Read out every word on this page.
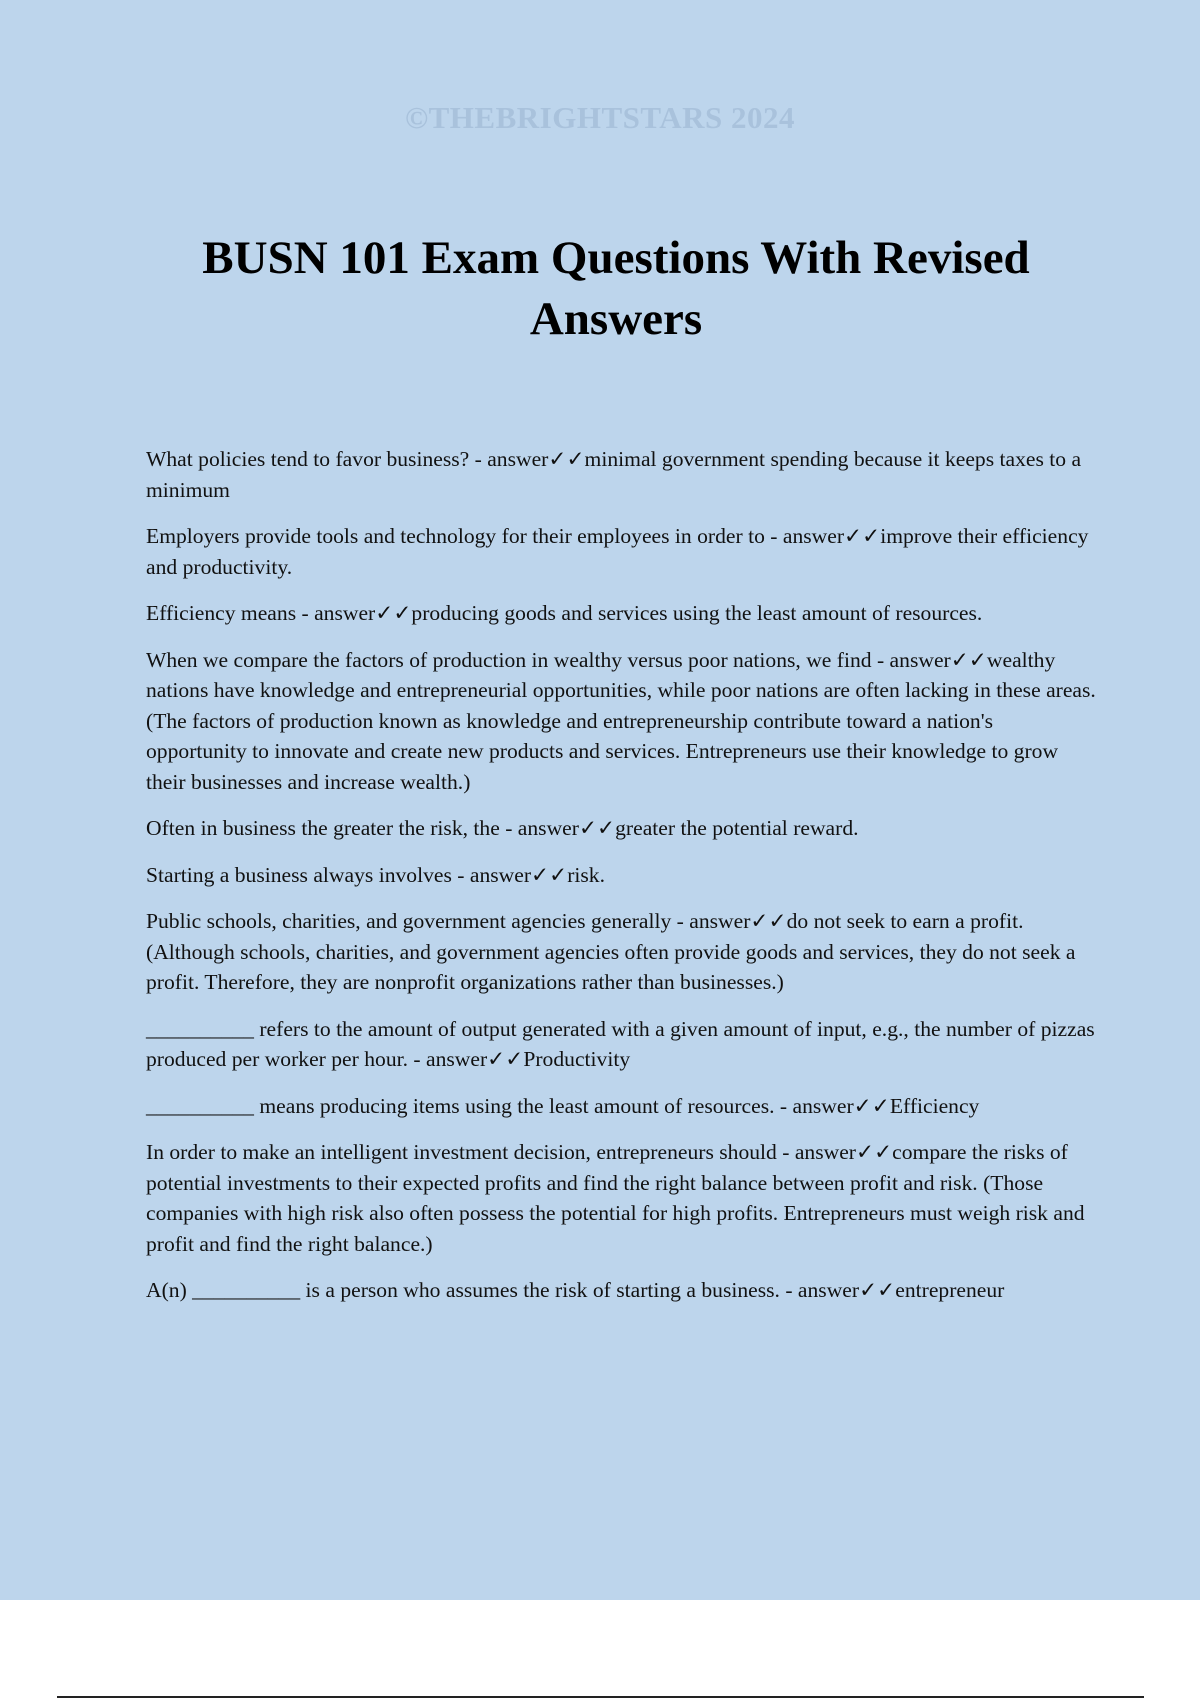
©THEBRIGHTSTARS 2024
BUSN 101 Exam Questions With Revised Answers

What policies tend to favor business? - answer✓✓minimal government spending because it keeps taxes to a minimum

Employers provide tools and technology for their employees in order to - answer✓✓improve their efficiency and productivity.

Efficiency means - answer✓✓producing goods and services using the least amount of resources.

When we compare the factors of production in wealthy versus poor nations, we find - answer✓✓wealthy nations have knowledge and entrepreneurial opportunities, while poor nations are often lacking in these areas. (The factors of production known as knowledge and entrepreneurship contribute toward a nation's opportunity to innovate and create new products and services. Entrepreneurs use their knowledge to grow their businesses and increase wealth.)

Often in business the greater the risk, the - answer✓✓greater the potential reward.

Starting a business always involves - answer✓✓risk.

Public schools, charities, and government agencies generally - answer✓✓do not seek to earn a profit. (Although schools, charities, and government agencies often provide goods and services, they do not seek a profit. Therefore, they are nonprofit organizations rather than businesses.)

__________ refers to the amount of output generated with a given amount of input, e.g., the number of pizzas produced per worker per hour. - answer✓✓Productivity

__________ means producing items using the least amount of resources. - answer✓✓Efficiency

In order to make an intelligent investment decision, entrepreneurs should - answer✓✓compare the risks of potential investments to their expected profits and find the right balance between profit and risk. (Those companies with high risk also often possess the potential for high profits. Entrepreneurs must weigh risk and profit and find the right balance.)

A(n) __________ is a person who assumes the risk of starting a business. - answer✓✓entrepreneur
